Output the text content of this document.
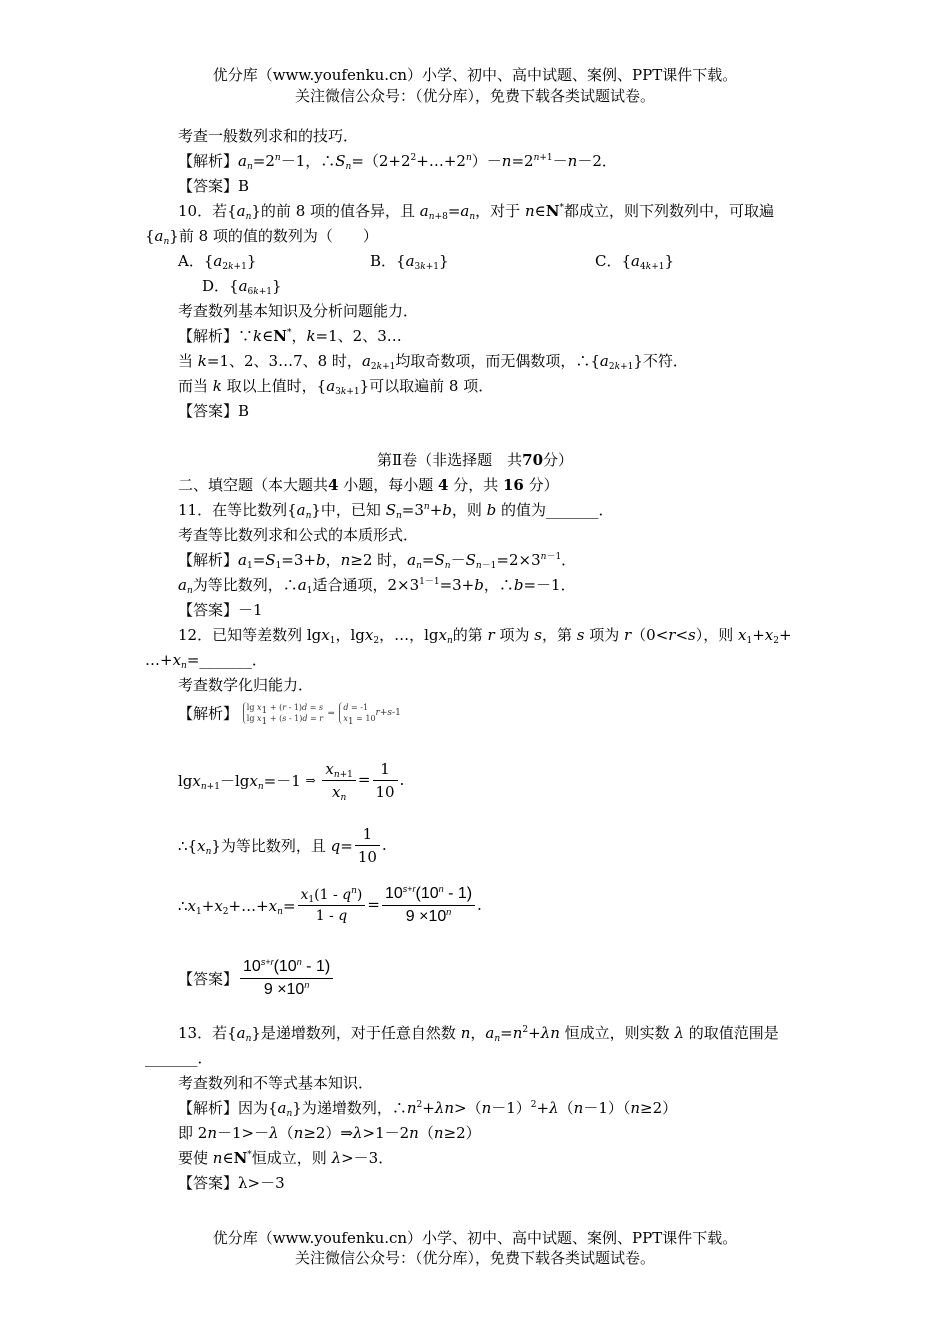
优分库（www.youfenku.cn）小学、初中、高中试题、案例、PPT课件下载。
关注微信公众号：（优分库），免费下载各类试题试卷。
考查一般数列求和的技巧．
【解析】$a_n=2^n-1$，$\therefore S_n=(2+2^2+\dots+2^n)-n=2^{n+1}-n-2$．
【答案】B
10．若$\{a_n\}$的前 8 项的值各异，且 $a_{n+8}=a_n$，对于 n∈N*都成立，则下列数列中，可取遍
$\{a_n\}$前 8 项的值的数列为（　　）
A．$\{a_{2k+1}\}$	B．$\{a_{3k+1}\}$	C．$\{a_{4k+1}\}$
D．$\{a_{6k+1}\}$
考查数列基本知识及分析问题能力．
【解析】∵k∈N*，k=1、2、3…
当 k=1、2、3…7、8 时，$a_{2k+1}$均取奇数项，而无偶数项，$\therefore\{a_{2k+1}\}$不符．
而当 k 取以上值时，$\{a_{3k+1}\}$可以取遍前 8 项．
【答案】B
第Ⅱ卷（非选择题　共70分）
二、填空题（本大题共4 小题，每小题 4 分，共 16 分）
11．在等比数列$\{a_n\}$中，已知 $S_n=3^n+b$，则 b 的值为_______．
考查等比数列求和公式的本质形式．
【解析】$a_1=S_1=3+b$，n≥2 时，$a_n=S_n-S_{n-1}=2\times 3^{n-1}$．
$a_n$为等比数列，$\therefore a_1$适合通项，$2\times 3^{1-1}=3+b$，∴b=－1．
【答案】－1
12．已知等差数列 lgx$_1$，lgx$_2$，…，lgx$_n$的第 r 项为 s，第 s 项为 r（0<r<s），则 $x_1+x_2+$
$\dots+x_n=\_\_\_\_\_\_\_$．
考查数学化归能力．
【解析】 $\lg x_1 + (r - 1)d = s$
$\lg x_1 + (s - 1)d = r$ ⇒ d = -1
$x_1 = 10^{r+s-1}$
lgx$_{n+1}$－lgx$_n$=－1 ⇒ $\frac{x_{n+1}}{x_n} = \frac{1}{10}$ ．
$\therefore\{x_n\}$为等比数列，且 $q= \frac{1}{10}$ ．
$\therefore x_1+x_2+\dots+x_n= \frac{x_1(1 - q^n)}{1 - q} = \frac{10^{s+r}(10^n - 1)}{9 \times 10^n}$ ．
【答案】 $\frac{10^{s+r}(10^n - 1)}{9 \times 10^n}$
13．若$\{a_n\}$是递增数列，对于任意自然数 n，$a_n=n^2+\lambda n$ 恒成立，则实数 λ 的取值范围是
_______．
考查数列和不等式基本知识．
【解析】因为$\{a_n\}$为递增数列，$\therefore n^2+\lambda n>(n-1)^2+\lambda(n-1)(n\ge 2)$
即 2n－1>－λ（n≥2）⇒λ>1－2n（n≥2）
要使 n∈N*恒成立，则 λ>－3．
【答案】λ>－3
优分库（www.youfenku.cn）小学、初中、高中试题、案例、PPT课件下载。
关注微信公众号：（优分库），免费下载各类试题试卷。
